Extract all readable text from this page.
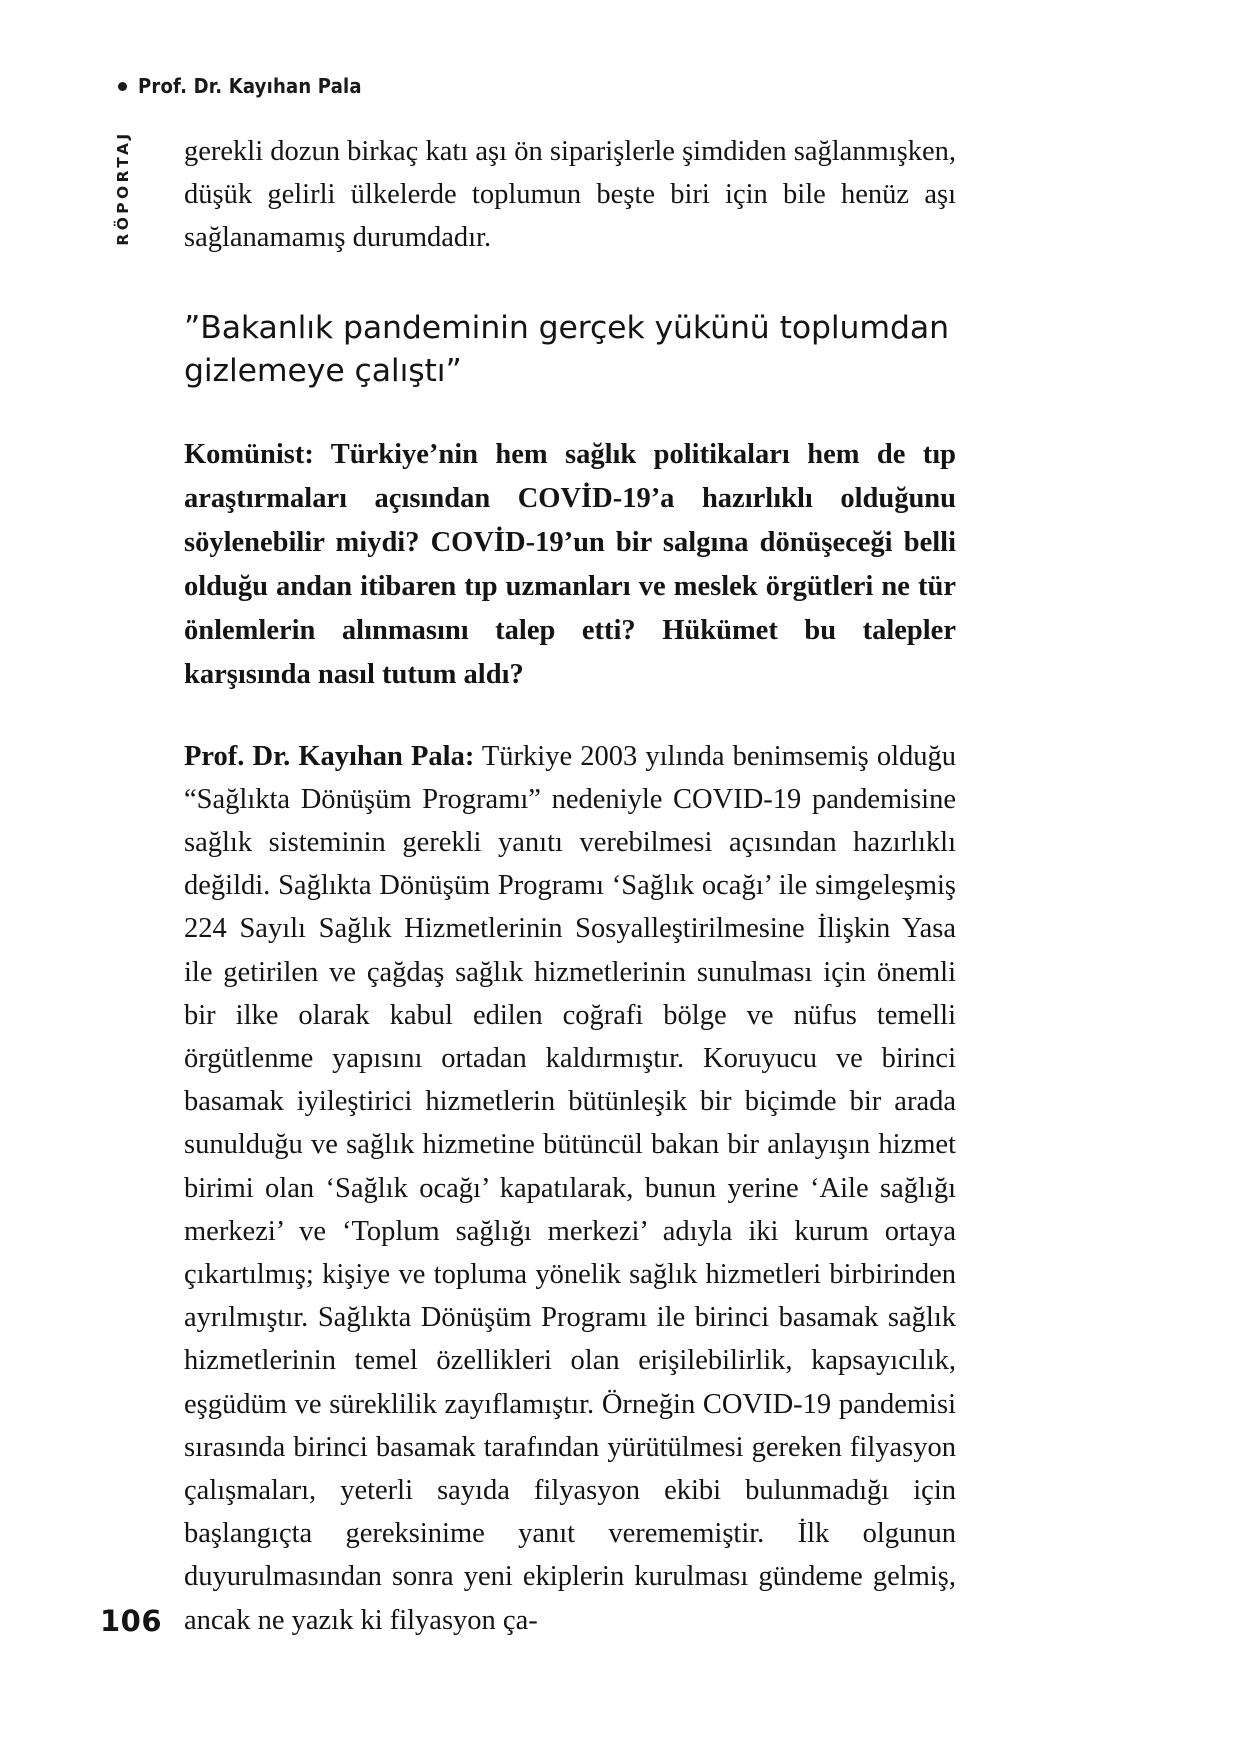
Prof. Dr. Kayıhan Pala
RÖPORTAJ gerekli dozun birkaç katı aşı ön siparişlerle şimdiden sağlanmışken, düşük gelirli ülkelerde toplumun beşte biri için bile henüz aşı sağlanamamış durumdadır.

”Bakanlık pandeminin gerçek yükünü toplumdan gizlemeye çalıştı”

Komünist: Türkiye’nin hem sağlık politikaları hem de tıp araştırmaları açısından COVİD-19’a hazırlıklı olduğunu söylenebilir miydi? COVİD-19’un bir salgına dönüşeceği belli olduğu andan itibaren tıp uzmanları ve meslek örgütleri ne tür önlemlerin alınmasını talep etti? Hükümet bu talepler karşısında nasıl tutum aldı?

Prof. Dr. Kayıhan Pala: Türkiye 2003 yılında benimsemiş olduğu “Sağlıkta Dönüşüm Programı” nedeniyle COVID-19 pandemisine sağlık sisteminin gerekli yanıtı verebilmesi açısından hazırlıklı değildi. Sağlıkta Dönüşüm Programı ‘Sağlık ocağı’ ile simgeleşmiş 224 Sayılı Sağlık Hizmetlerinin Sosyalleştirilmesine İlişkin Yasa ile getirilen ve çağdaş sağlık hizmetlerinin sunulması için önemli bir ilke olarak kabul edilen coğrafi bölge ve nüfus temelli örgütlenme yapısını ortadan kaldırmıştır. Koruyucu ve birinci basamak iyileştirici hizmetlerin bütünleşik bir biçimde bir arada sunulduğu ve sağlık hizmetine bütüncül bakan bir anlayışın hizmet birimi olan ‘Sağlık ocağı’ kapatılarak, bunun yerine ‘Aile sağlığı merkezi’ ve ‘Toplum sağlığı merkezi’ adıyla iki kurum ortaya çıkartılmış; kişiye ve topluma yönelik sağlık hizmetleri birbirinden ayrılmıştır. Sağlıkta Dönüşüm Programı ile birinci basamak sağlık hizmetlerinin temel özellikleri olan erişilebilirlik, kapsayıcılık, eşgüdüm ve süreklilik zayıflamıştır. Örneğin COVID-19 pandemisi sırasında birinci basamak tarafından yürütülmesi gereken filyasyon çalışmaları, yeterli sayıda filyasyon ekibi bulunmadığı için başlangıçta gereksinime yanıt verememiştir. İlk olgunun duyurulmasından sonra yeni ekiplerin kurulması gündeme gelmiş, ancak ne yazık ki filyasyon ça-

106
